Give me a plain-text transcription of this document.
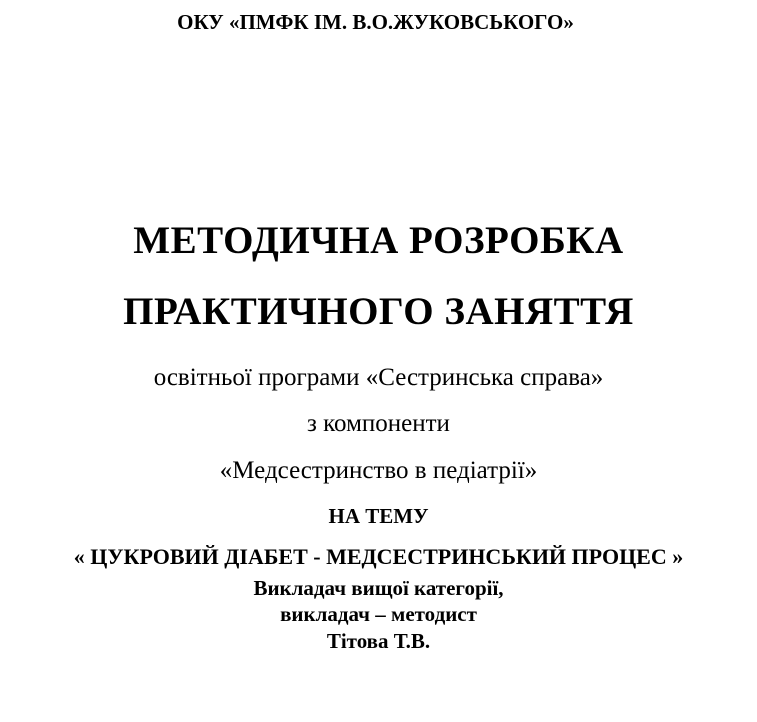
ОКУ «ПМФК ІМ. В.О.ЖУКОВСЬКОГО»
МЕТОДИЧНА РОЗРОБКА
ПРАКТИЧНОГО ЗАНЯТТЯ
освітньої програми «Сестринська справа»
з компоненти
«Медсестринство в педіатрії»
НА ТЕМУ
« ЦУКРОВИЙ ДІАБЕТ - МЕДСЕСТРИНСЬКИЙ ПРОЦЕС »
Викладач вищої категорії,
викладач – методист
Тітова Т.В.
